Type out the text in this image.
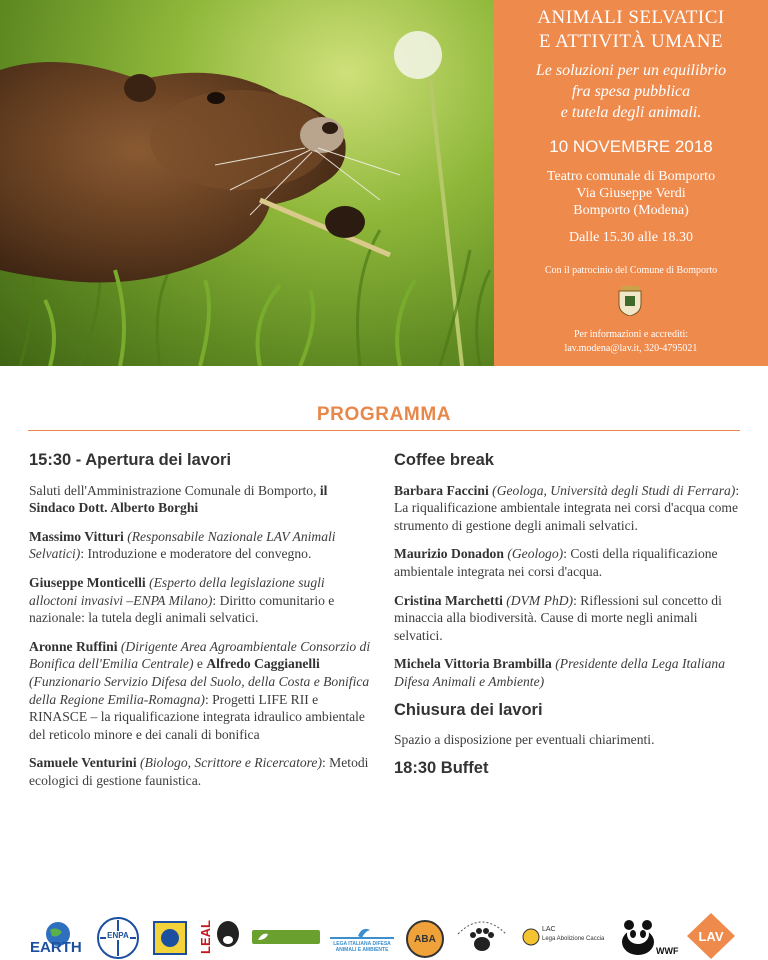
ANIMALI SELVATICI
E ATTIVITÀ UMANE
Le soluzioni per un equilibrio
fra spesa pubblica
e tutela degli animali.
10 NOVEMBRE 2018
Teatro comunale di Bomporto
Via Giuseppe Verdi
Bomporto (Modena)
Dalle 15.30 alle 18.30
Con il patrocinio del Comune di Bomporto
Per informazioni e accrediti:
lav.modena@lav.it, 320-4795021
PROGRAMMA
15:30 - Apertura dei lavori

Saluti dell'Amministrazione Comunale di Bomporto, il Sindaco Dott. Alberto Borghi

Massimo Vitturi (Responsabile Nazionale LAV Animali Selvatici): Introduzione e moderatore del convegno.

Giuseppe Monticelli (Esperto della legislazione sugli alloctoni invasivi –ENPA Milano): Diritto comunitario e nazionale: la tutela degli animali selvatici.

Aronne Ruffini (Dirigente Area Agroambientale Consorzio di Bonifica dell'Emilia Centrale) e Alfredo Caggianelli (Funzionario Servizio Difesa del Suolo, della Costa e Bonifica della Regione Emilia-Romagna): Progetti LIFE RII e RINASCE – la riqualificazione integrata idraulico ambientale del reticolo minore e dei canali di bonifica

Samuele Venturini (Biologo, Scrittore e Ricercatore): Metodi ecologici di gestione faunistica.

Coffee break

Barbara Faccini (Geologa, Università degli Studi di Ferrara): La riqualificazione ambientale integrata nei corsi d'acqua come strumento di gestione degli animali selvatici.

Maurizio Donadon (Geologo): Costi della riqualificazione ambientale integrata nei corsi d'acqua.

Cristina Marchetti (DVM PhD): Riflessioni sul concetto di minaccia alla biodiversità. Cause di morte negli animali selvatici.

Michela Vittoria Brambilla (Presidente della Lega Italiana Difesa Animali e Ambiente)

Chiusura dei lavori

Spazio a disposizione per eventuali chiarimenti.

18:30 Buffet
EARTH
ENPA	LEAL	LEGA ITALIANA DIFESA ANIMALI E AMBIENTE
ABA
LAC
Lega Abolizione Caccia
WWF
LAV
